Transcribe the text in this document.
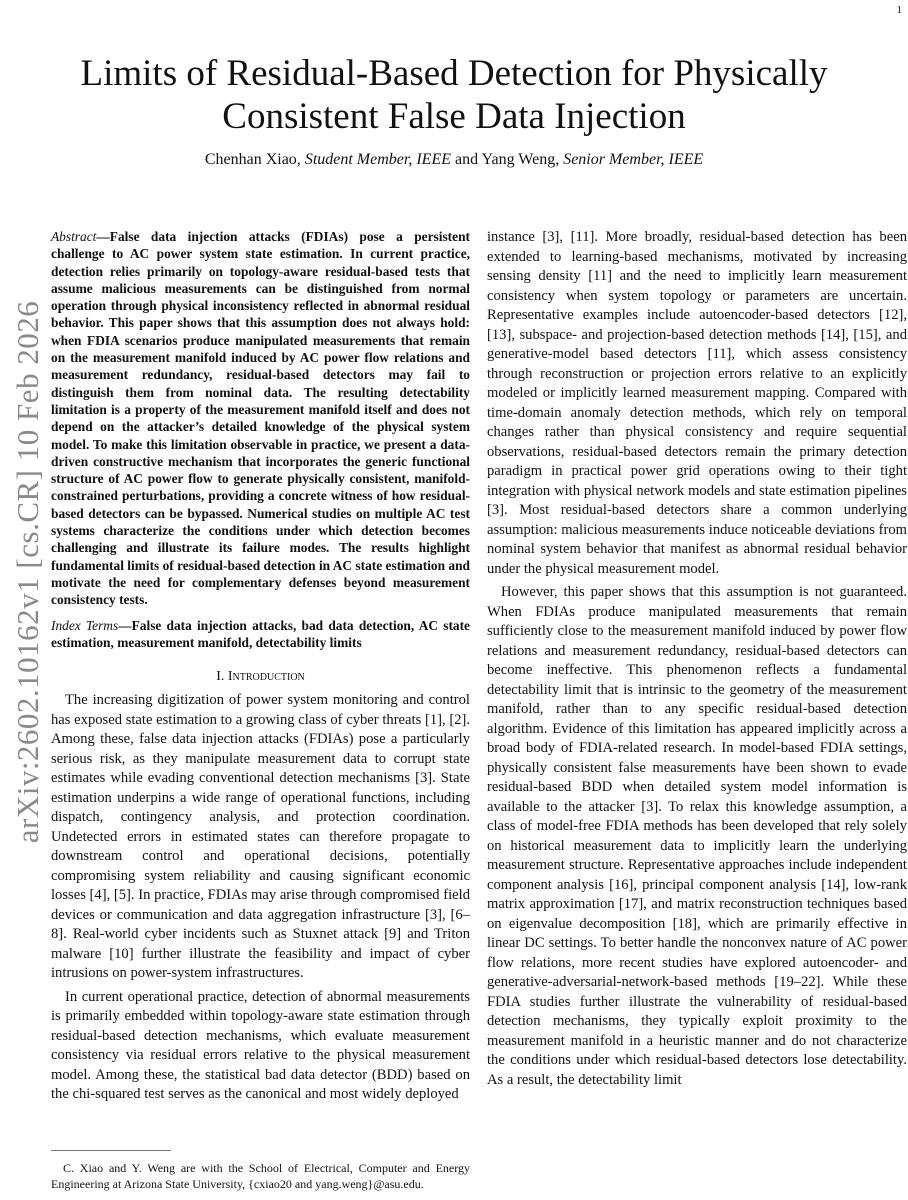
1
arXiv:2602.10162v1 [cs.CR] 10 Feb 2026
Limits of Residual-Based Detection for Physically Consistent False Data Injection
Chenhan Xiao, Student Member, IEEE and Yang Weng, Senior Member, IEEE

Abstract—False data injection attacks (FDIAs) pose a persistent challenge to AC power system state estimation. In current practice, detection relies primarily on topology-aware residual-based tests that assume malicious measurements can be distinguished from normal operation through physical inconsistency reflected in abnormal residual behavior. This paper shows that this assumption does not always hold: when FDIA scenarios produce manipulated measurements that remain on the measurement manifold induced by AC power flow relations and measurement redundancy, residual-based detectors may fail to distinguish them from nominal data. The resulting detectability limitation is a property of the measurement manifold itself and does not depend on the attacker’s detailed knowledge of the physical system model. To make this limitation observable in practice, we present a data-driven constructive mechanism that incorporates the generic functional structure of AC power flow to generate physically consistent, manifold-constrained perturbations, providing a concrete witness of how residual-based detectors can be bypassed. Numerical studies on multiple AC test systems characterize the conditions under which detection becomes challenging and illustrate its failure modes. The results highlight fundamental limits of residual-based detection in AC state estimation and motivate the need for complementary defenses beyond measurement consistency tests.

Index Terms—False data injection attacks, bad data detection, AC state estimation, measurement manifold, detectability limits

I. Introduction

The increasing digitization of power system monitoring and control has exposed state estimation to a growing class of cyber threats [1], [2]. Among these, false data injection attacks (FDIAs) pose a particularly serious risk, as they manipulate measurement data to corrupt state estimates while evading conventional detection mechanisms [3]. State estimation underpins a wide range of operational functions, including dispatch, contingency analysis, and protection coordination. Undetected errors in estimated states can therefore propagate to downstream control and operational decisions, potentially compromising system reliability and causing significant economic losses [4], [5]. In practice, FDIAs may arise through compromised field devices or communication and data aggregation infrastructure [3], [6–8]. Real-world cyber incidents such as Stuxnet attack [9] and Triton malware [10] further illustrate the feasibility and impact of cyber intrusions on power-system infrastructures.

In current operational practice, detection of abnormal measurements is primarily embedded within topology-aware state estimation through residual-based detection mechanisms, which evaluate measurement consistency via residual errors relative to the physical measurement model. Among these, the statistical bad data detector (BDD) based on the chi-squared test serves as the canonical and most widely deployed

instance [3], [11]. More broadly, residual-based detection has been extended to learning-based mechanisms, motivated by increasing sensing density [11] and the need to implicitly learn measurement consistency when system topology or parameters are uncertain. Representative examples include autoencoder-based detectors [12], [13], subspace- and projection-based detection methods [14], [15], and generative-model based detectors [11], which assess consistency through reconstruction or projection errors relative to an explicitly modeled or implicitly learned measurement mapping. Compared with time-domain anomaly detection methods, which rely on temporal changes rather than physical consistency and require sequential observations, residual-based detectors remain the primary detection paradigm in practical power grid operations owing to their tight integration with physical network models and state estimation pipelines [3]. Most residual-based detectors share a common underlying assumption: malicious measurements induce noticeable deviations from nominal system behavior that manifest as abnormal residual behavior under the physical measurement model.

However, this paper shows that this assumption is not guaranteed. When FDIAs produce manipulated measurements that remain sufficiently close to the measurement manifold induced by power flow relations and measurement redundancy, residual-based detectors can become ineffective. This phenomenon reflects a fundamental detectability limit that is intrinsic to the geometry of the measurement manifold, rather than to any specific residual-based detection algorithm. Evidence of this limitation has appeared implicitly across a broad body of FDIA-related research. In model-based FDIA settings, physically consistent false measurements have been shown to evade residual-based BDD when detailed system model information is available to the attacker [3]. To relax this knowledge assumption, a class of model-free FDIA methods has been developed that rely solely on historical measurement data to implicitly learn the underlying measurement structure. Representative approaches include independent component analysis [16], principal component analysis [14], low-rank matrix approximation [17], and matrix reconstruction techniques based on eigenvalue decomposition [18], which are primarily effective in linear DC settings. To better handle the nonconvex nature of AC power flow relations, more recent studies have explored autoencoder- and generative-adversarial-network-based methods [19–22]. While these FDIA studies further illustrate the vulnerability of residual-based detection mechanisms, they typically exploit proximity to the measurement manifold in a heuristic manner and do not characterize the conditions under which residual-based detectors lose detectability. As a result, the detectability limit

C. Xiao and Y. Weng are with the School of Electrical, Computer and Energy Engineering at Arizona State University, {cxiao20 and yang.weng}@asu.edu.
